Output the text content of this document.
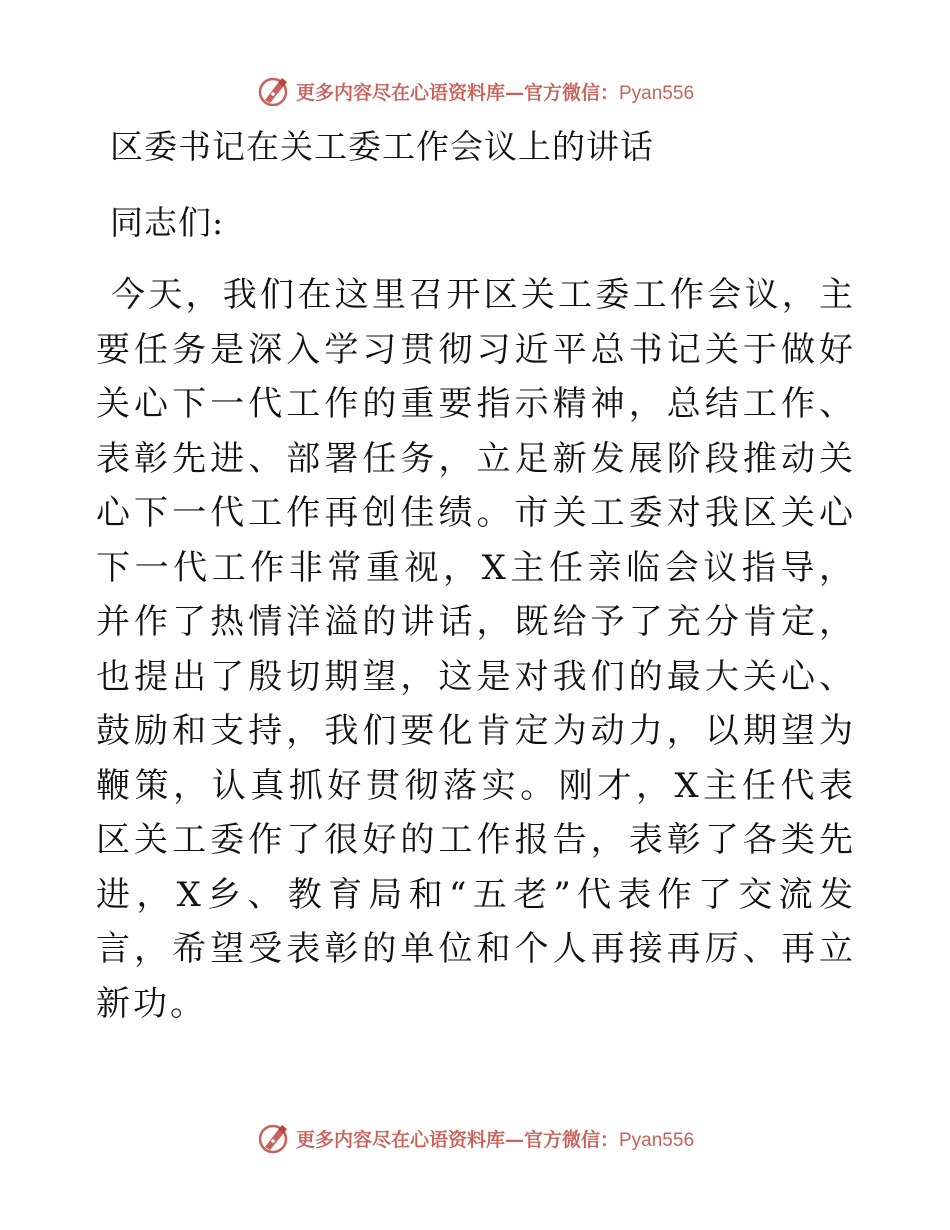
更多内容尽在心语资料库—官方微信：Pyan556
区委书记在关工委工作会议上的讲话
同志们:
今天，我们在这里召开区关工委工作会议，主要任务是深入学习贯彻习近平总书记关于做好关心下一代工作的重要指示精神，总结工作、表彰先进、部署任务，立足新发展阶段推动关心下一代工作再创佳绩。市关工委对我区关心下一代工作非常重视，X主任亲临会议指导，并作了热情洋溢的讲话，既给予了充分肯定，也提出了殷切期望，这是对我们的最大关心、鼓励和支持，我们要化肯定为动力，以期望为鞭策，认真抓好贯彻落实。刚才，X主任代表区关工委作了很好的工作报告，表彰了各类先进，X乡、教育局和“五老”代表作了交流发言，希望受表彰的单位和个人再接再厉、再立新功。
更多内容尽在心语资料库—官方微信：Pyan556
